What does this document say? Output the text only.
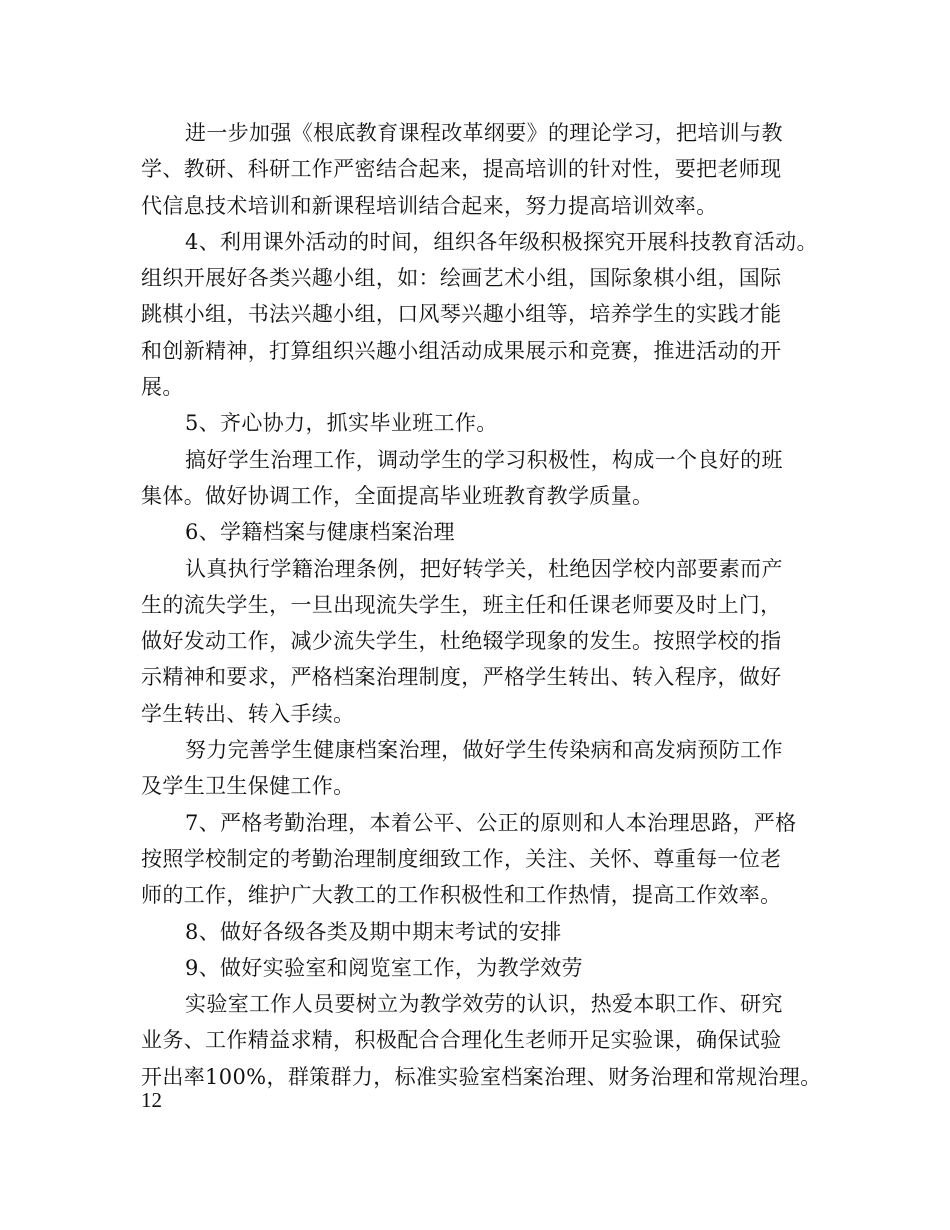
进一步加强《根底教育课程改革纲要》的理论学习，把培训与教
学、教研、科研工作严密结合起来，提高培训的针对性，要把老师现
代信息技术培训和新课程培训结合起来，努力提高培训效率。
4、利用课外活动的时间，组织各年级积极探究开展科技教育活动。
组织开展好各类兴趣小组，如：绘画艺术小组，国际象棋小组，国际
跳棋小组，书法兴趣小组，口风琴兴趣小组等，培养学生的实践才能
和创新精神，打算组织兴趣小组活动成果展示和竞赛，推进活动的开
展。
5、齐心协力，抓实毕业班工作。
搞好学生治理工作，调动学生的学习积极性，构成一个良好的班
集体。做好协调工作，全面提高毕业班教育教学质量。
6、学籍档案与健康档案治理
认真执行学籍治理条例，把好转学关，杜绝因学校内部要素而产
生的流失学生，一旦出现流失学生，班主任和任课老师要及时上门，
做好发动工作，减少流失学生，杜绝辍学现象的发生。按照学校的指
示精神和要求，严格档案治理制度，严格学生转出、转入程序，做好
学生转出、转入手续。
努力完善学生健康档案治理，做好学生传染病和高发病预防工作
及学生卫生保健工作。
7、严格考勤治理，本着公平、公正的原则和人本治理思路，严格
按照学校制定的考勤治理制度细致工作，关注、关怀、尊重每一位老
师的工作，维护广大教工的工作积极性和工作热情，提高工作效率。
8、做好各级各类及期中期末考试的安排
9、做好实验室和阅览室工作，为教学效劳
实验室工作人员要树立为教学效劳的认识，热爱本职工作、研究
业务、工作精益求精，积极配合合理化生老师开足实验课，确保试验
开出率100%，群策群力，标准实验室档案治理、财务治理和常规治理。
12
